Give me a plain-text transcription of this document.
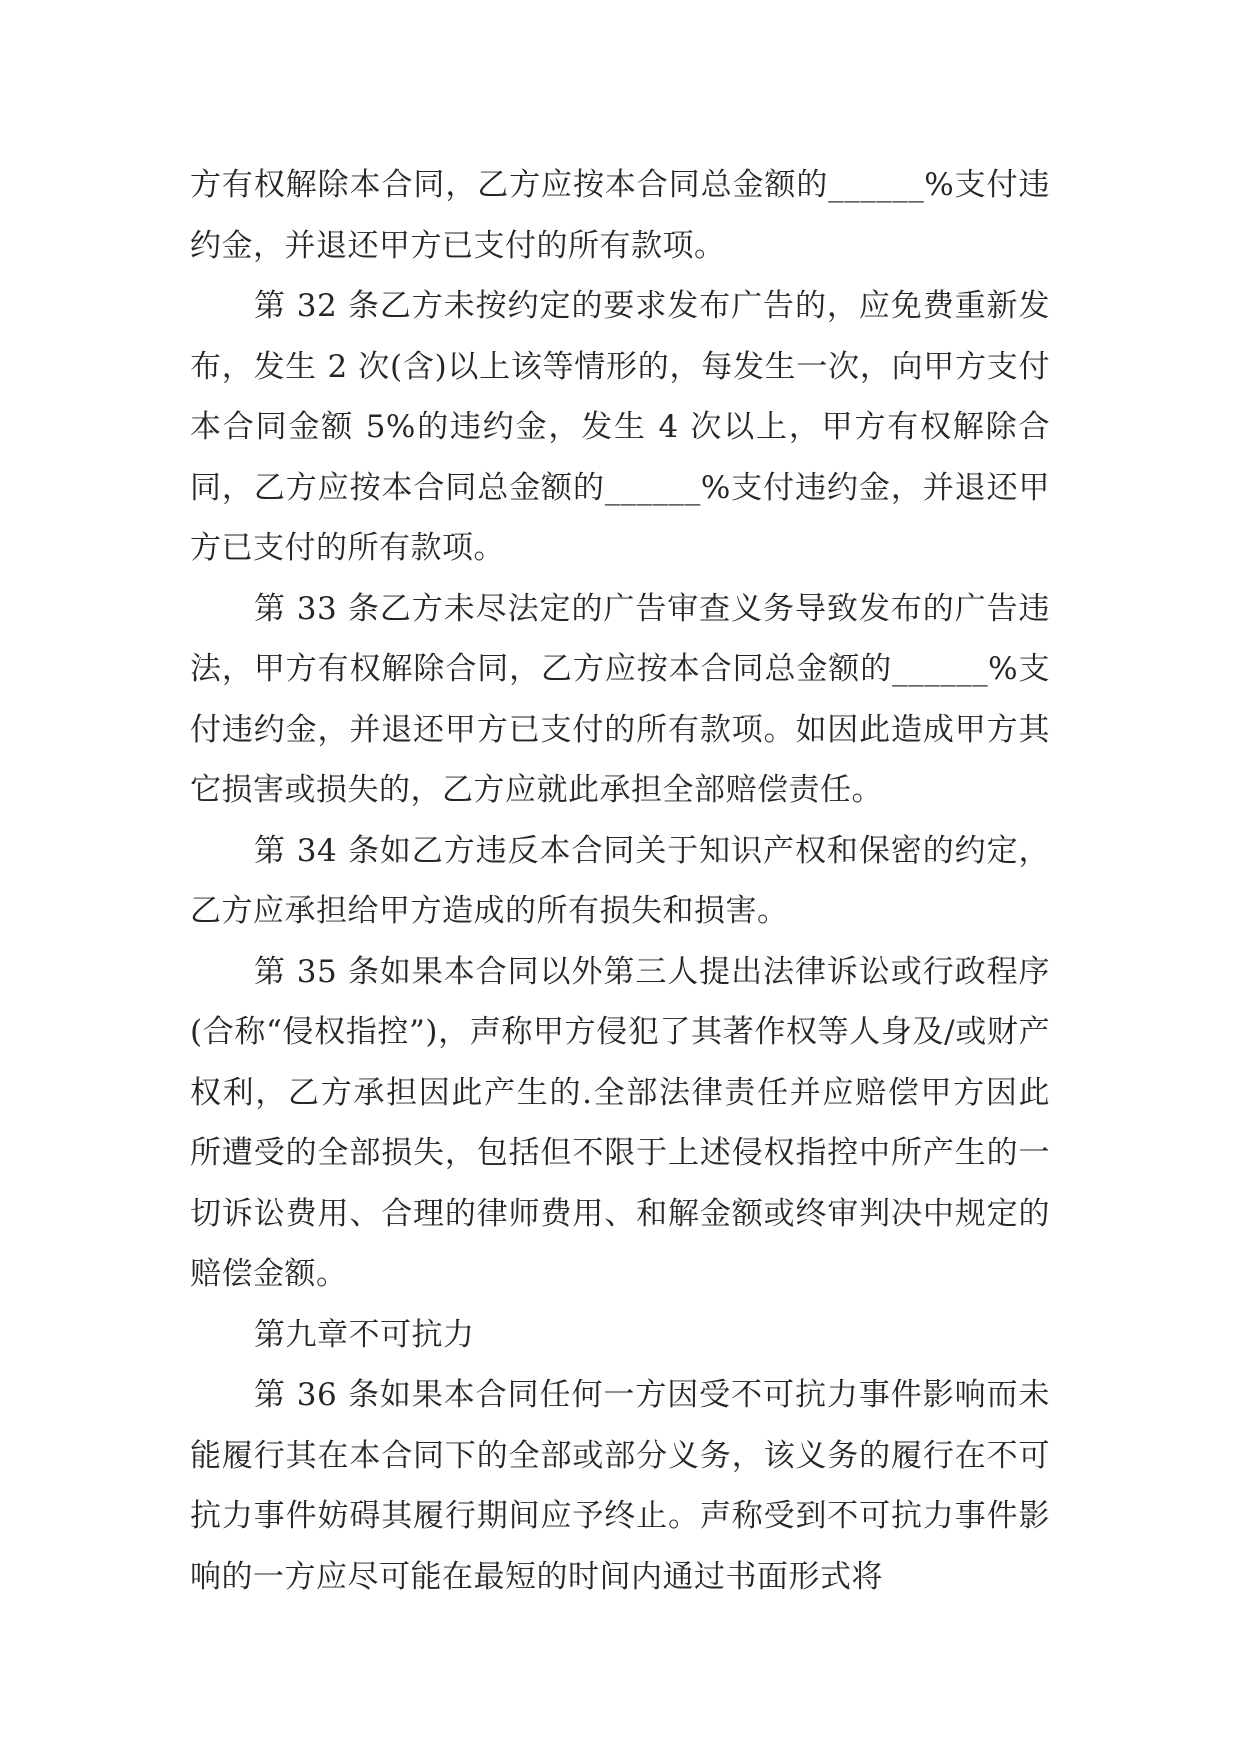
方有权解除本合同，乙方应按本合同总金额的______%支付违约金，并退还甲方已支付的所有款项。

第 32 条乙方未按约定的要求发布广告的，应免费重新发布，发生 2 次(含)以上该等情形的，每发生一次，向甲方支付本合同金额 5%的违约金，发生 4 次以上，甲方有权解除合同，乙方应按本合同总金额的______%支付违约金，并退还甲方已支付的所有款项。

第 33 条乙方未尽法定的广告审查义务导致发布的广告违法，甲方有权解除合同，乙方应按本合同总金额的______%支付违约金，并退还甲方已支付的所有款项。如因此造成甲方其它损害或损失的，乙方应就此承担全部赔偿责任。

第 34 条如乙方违反本合同关于知识产权和保密的约定，乙方应承担给甲方造成的所有损失和损害。

第 35 条如果本合同以外第三人提出法律诉讼或行政程序(合称“侵权指控”)，声称甲方侵犯了其著作权等人身及/或财产权利，乙方承担因此产生的.全部法律责任并应赔偿甲方因此所遭受的全部损失，包括但不限于上述侵权指控中所产生的一切诉讼费用、合理的律师费用、和解金额或终审判决中规定的赔偿金额。

第九章不可抗力

第 36 条如果本合同任何一方因受不可抗力事件影响而未能履行其在本合同下的全部或部分义务，该义务的履行在不可抗力事件妨碍其履行期间应予终止。声称受到不可抗力事件影响的一方应尽可能在最短的时间内通过书面形式将
